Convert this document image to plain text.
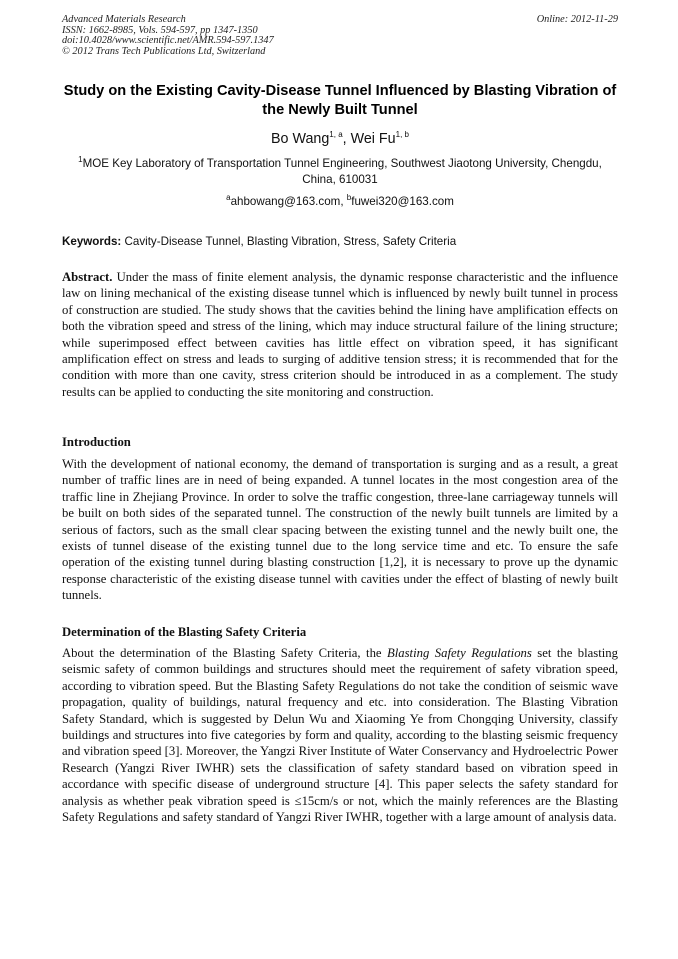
Advanced Materials Research
ISSN: 1662-8985, Vols. 594-597, pp 1347-1350
doi:10.4028/www.scientific.net/AMR.594-597.1347
© 2012 Trans Tech Publications Ltd, Switzerland
Online: 2012-11-29
Study on the Existing Cavity-Disease Tunnel Influenced by Blasting Vibration of the Newly Built Tunnel
Bo Wang$^{1, a}$, Wei Fu$^{1, b}$
$^1$MOE Key Laboratory of Transportation Tunnel Engineering, Southwest Jiaotong University, Chengdu, China, 610031
$^a$ahbowang@163.com, $^b$fuwei320@163.com
Keywords: Cavity-Disease Tunnel, Blasting Vibration, Stress, Safety Criteria
Abstract. Under the mass of finite element analysis, the dynamic response characteristic and the influence law on lining mechanical of the existing disease tunnel which is influenced by newly built tunnel in process of construction are studied. The study shows that the cavities behind the lining have amplification effects on both the vibration speed and stress of the lining, which may induce structural failure of the lining structure; while superimposed effect between cavities has little effect on vibration speed, it has significant amplification effect on stress and leads to surging of additive tension stress; it is recommended that for the condition with more than one cavity, stress criterion should be introduced in as a complement. The study results can be applied to conducting the site monitoring and construction.
Introduction
With the development of national economy, the demand of transportation is surging and as a result, a great number of traffic lines are in need of being expanded. A tunnel locates in the most congestion area of the traffic line in Zhejiang Province. In order to solve the traffic congestion, three-lane carriageway tunnels will be built on both sides of the separated tunnel. The construction of the newly built tunnels are limited by a serious of factors, such as the small clear spacing between the existing tunnel and the newly built one, the exists of tunnel disease of the existing tunnel due to the long service time and etc. To ensure the safe operation of the existing tunnel during blasting construction [1,2], it is necessary to prove up the dynamic response characteristic of the existing disease tunnel with cavities under the effect of blasting of newly built tunnels.
Determination of the Blasting Safety Criteria
About the determination of the Blasting Safety Criteria, the Blasting Safety Regulations set the blasting seismic safety of common buildings and structures should meet the requirement of safety vibration speed, according to vibration speed. But the Blasting Safety Regulations do not take the condition of seismic wave propagation, quality of buildings, natural frequency and etc. into consideration. The Blasting Vibration Safety Standard, which is suggested by Delun Wu and Xiaoming Ye from Chongqing University, classify buildings and structures into five categories by form and quality, according to the blasting seismic frequency and vibration speed [3]. Moreover, the Yangzi River Institute of Water Conservancy and Hydroelectric Power Research (Yangzi River IWHR) sets the classification of safety standard based on vibration speed in accordance with specific disease of underground structure [4]. This paper selects the safety standard for analysis as whether peak vibration speed is ≤15cm/s or not, which the mainly references are the Blasting Safety Regulations and safety standard of Yangzi River IWHR, together with a large amount of analysis data.
